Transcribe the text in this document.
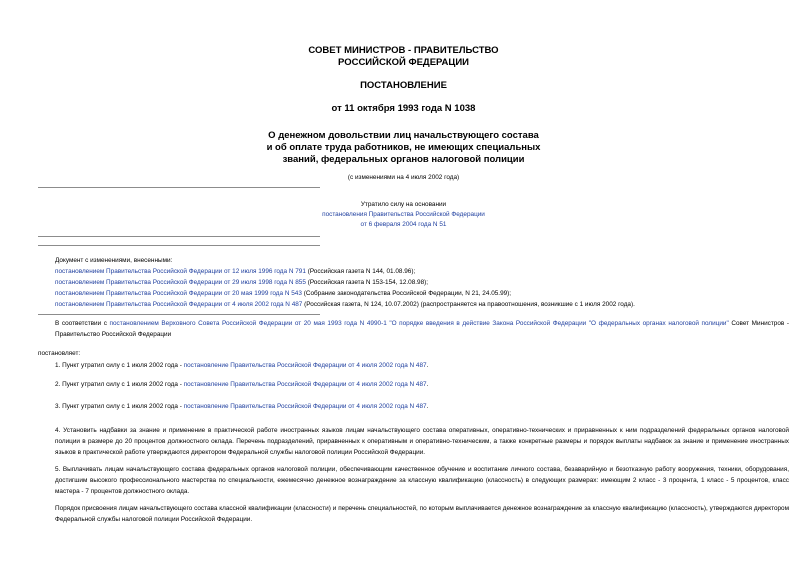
СОВЕТ МИНИСТРОВ - ПРАВИТЕЛЬСТВО
РОССИЙСКОЙ ФЕДЕРАЦИИ
ПОСТАНОВЛЕНИЕ
от 11 октября 1993 года N 1038
О денежном довольствии лиц начальствующего состава
и об оплате труда работников, не имеющих специальных
званий, федеральных органов налоговой полиции
(с изменениями на 4 июля 2002 года)
Утратило силу на основании
постановления Правительства Российской Федерации
от 6 февраля 2004 года N 51
Документ с изменениями, внесенными:
постановлением Правительства Российской Федерации от 12 июля 1996 года N 791 (Российская газета N 144, 01.08.96);
постановлением Правительства Российской Федерации от 29 июля 1998 года N 855 (Российская газета N 153-154, 12.08.98);
постановлением Правительства Российской Федерации от 20 мая 1999 года N 543 (Собрание законодательства Российской Федерации, N 21, 24.05.99);
постановлением Правительства Российской Федерации от 4 июля 2002 года N 487 (Российская газета, N 124, 10.07.2002) (распространяется на правоотношения, возникшие с 1 июля 2002 года).
В соответствии с постановлением Верховного Совета Российской Федерации от 20 мая 1993 года N 4990-1 "О порядке введения в действие Закона Российской Федерации "О федеральных органах налоговой полиции" Совет Министров - Правительство Российской Федерации
постановляет:
1. Пункт утратил силу с 1 июля 2002 года - постановление Правительства Российской Федерации от 4 июля 2002 года N 487.
2. Пункт утратил силу с 1 июля 2002 года - постановление Правительства Российской Федерации от 4 июля 2002 года N 487.
3. Пункт утратил силу с 1 июля 2002 года - постановление Правительства Российской Федерации от 4 июля 2002 года N 487.
4. Установить надбавки за знание и применение в практической работе иностранных языков лицам начальствующего состава оперативных, оперативно-технических и приравненных к ним подразделений федеральных органов налоговой полиции в размере до 20 процентов должностного оклада. Перечень подразделений, приравненных к оперативным и оперативно-техническим, а также конкретные размеры и порядок выплаты надбавок за знание и применение иностранных языков в практической работе утверждаются директором Федеральной службы налоговой полиции Российской Федерации.
5. Выплачивать лицам начальствующего состава федеральных органов налоговой полиции, обеспечивающим качественное обучение и воспитание личного состава, безаварийную и безотказную работу вооружения, техники, оборудования, достигшим высокого профессионального мастерства по специальности, ежемесячно денежное вознаграждение за классную квалификацию (классность) в следующих размерах: имеющим 2 класс - 3 процента, 1 класс - 5 процентов, класс мастера - 7 процентов должностного оклада.
Порядок присвоения лицам начальствующего состава классной квалификации (классности) и перечень специальностей, по которым выплачивается денежное вознаграждение за классную квалификацию (классность), утверждаются директором Федеральной службы налоговой полиции Российской Федерации.
